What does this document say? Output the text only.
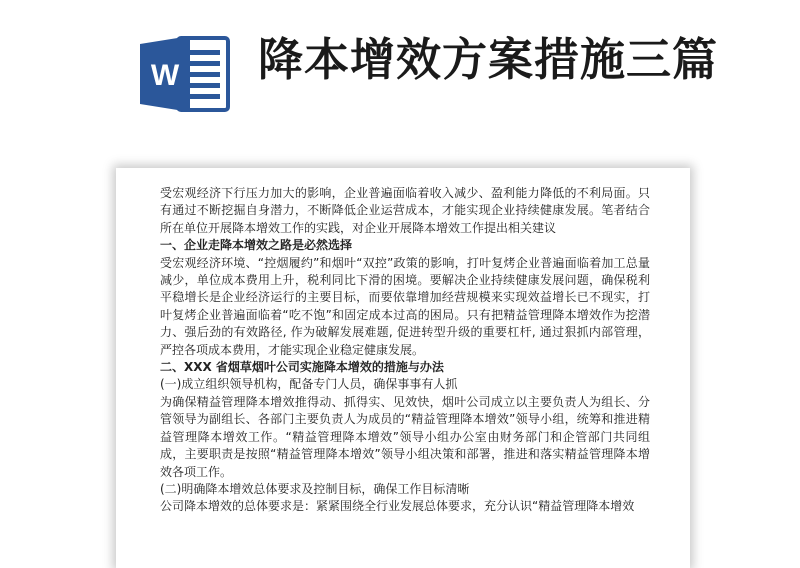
W 降本增效方案措施三篇

受宏观经济下行压力加大的影响，企业普遍面临着收入减少、盈利能力降低的不利局面。只有通过不断挖掘自身潜力，不断降低企业运营成本，才能实现企业持续健康发展。笔者结合所在单位开展降本增效工作的实践，对企业开展降本增效工作提出相关建议

一、企业走降本增效之路是必然选择

受宏观经济环境、“控烟履约”和烟叶“双控”政策的影响，打叶复烤企业普遍面临着加工总量减少，单位成本费用上升，税利同比下滑的困境。要解决企业持续健康发展问题，确保税利平稳增长是企业经济运行的主要目标，而要依靠增加经营规模来实现效益增长已不现实，打叶复烤企业普遍面临着“吃不饱”和固定成本过高的困局。只有把精益管理降本增效作为挖潜力、强后劲的有效路径, 作为破解发展难题, 促进转型升级的重要杠杆, 通过狠抓内部管理，严控各项成本费用，才能实现企业稳定健康发展。

二、XXX 省烟草烟叶公司实施降本增效的措施与办法

(一)成立组织领导机构，配备专门人员，确保事事有人抓

为确保精益管理降本增效推得动、抓得实、见效快，烟叶公司成立以主要负责人为组长、分管领导为副组长、各部门主要负责人为成员的“精益管理降本增效”领导小组，统筹和推进精益管理降本增效工作。“精益管理降本增效”领导小组办公室由财务部门和企管部门共同组成，主要职责是按照“精益管理降本增效”领导小组决策和部署，推进和落实精益管理降本增效各项工作。

(二)明确降本增效总体要求及控制目标，确保工作目标清晰

公司降本增效的总体要求是：紧紧围绕全行业发展总体要求，充分认识“精益管理降本增效
